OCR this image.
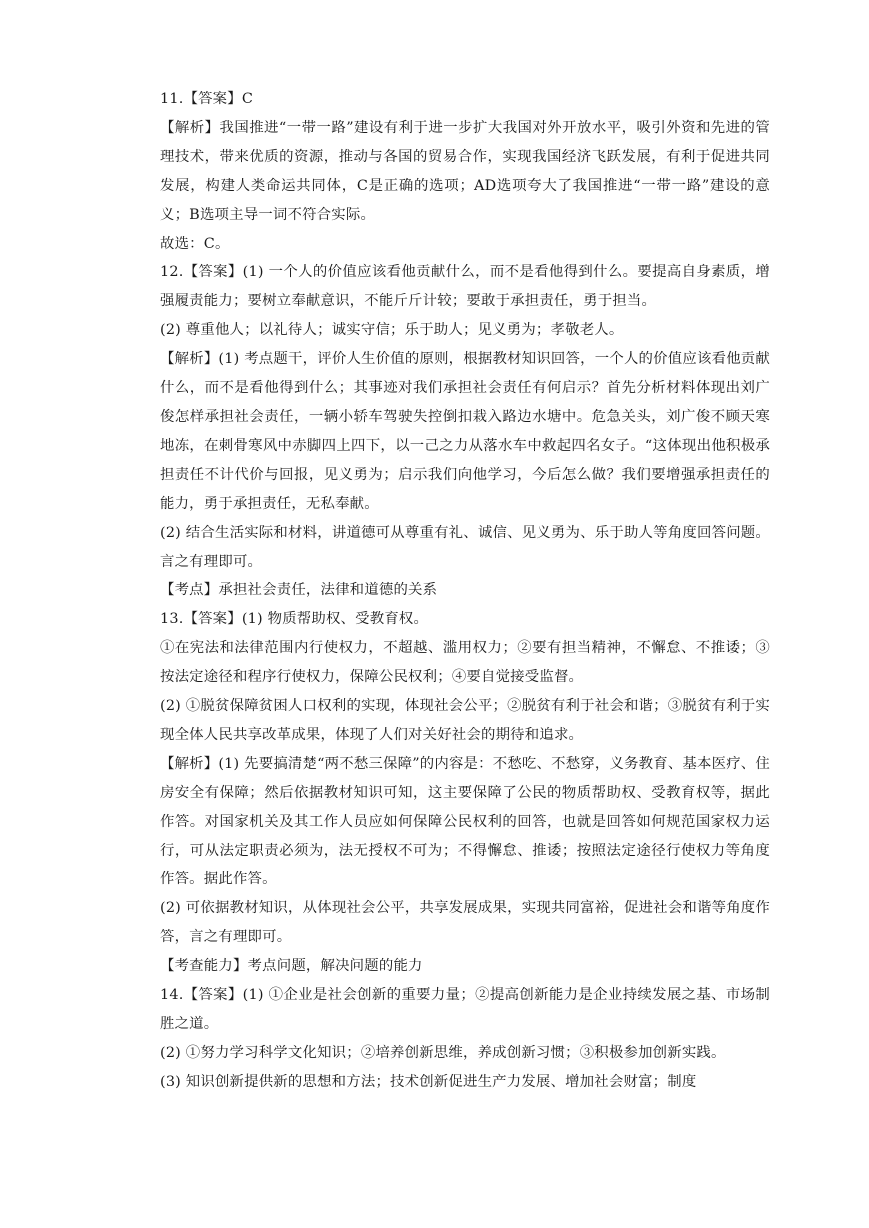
11.【答案】C

【解析】我国推进“一带一路”建设有利于进一步扩大我国对外开放水平，吸引外资和先进的管理技术，带来优质的资源，推动与各国的贸易合作，实现我国经济飞跃发展，有利于促进共同发展，构建人类命运共同体，C是正确的选项；AD选项夸大了我国推进“一带一路”建设的意义；B选项主导一词不符合实际。

故选：C。

12.【答案】(1) 一个人的价值应该看他贡献什么，而不是看他得到什么。要提高自身素质，增强履责能力；要树立奉献意识，不能斤斤计较；要敢于承担责任，勇于担当。

(2) 尊重他人；以礼待人；诚实守信；乐于助人；见义勇为；孝敬老人。

【解析】(1) 考点题干，评价人生价值的原则，根据教材知识回答，一个人的价值应该看他贡献什么，而不是看他得到什么；其事迹对我们承担社会责任有何启示？首先分析材料体现出刘广俊怎样承担社会责任，一辆小轿车驾驶失控倒扣栽入路边水塘中。危急关头，刘广俊不顾天寒地冻，在刺骨寒风中赤脚四上四下，以一己之力从落水车中救起四名女子。“这体现出他积极承担责任不计代价与回报，见义勇为；启示我们向他学习，今后怎么做？我们要增强承担责任的能力，勇于承担责任，无私奉献。

(2) 结合生活实际和材料，讲道德可从尊重有礼、诚信、见义勇为、乐于助人等角度回答问题。言之有理即可。

【考点】承担社会责任，法律和道德的关系

13.【答案】(1) 物质帮助权、受教育权。

①在宪法和法律范围内行使权力，不超越、滥用权力；②要有担当精神，不懈怠、不推诿；③按法定途径和程序行使权力，保障公民权利；④要自觉接受监督。

(2) ①脱贫保障贫困人口权利的实现，体现社会公平；②脱贫有利于社会和谐；③脱贫有利于实现全体人民共享改革成果，体现了人们对关好社会的期待和追求。

【解析】(1) 先要搞清楚“两不愁三保障”的内容是：不愁吃、不愁穿，义务教育、基本医疗、住房安全有保障；然后依据教材知识可知，这主要保障了公民的物质帮助权、受教育权等，据此作答。对国家机关及其工作人员应如何保障公民权利的回答，也就是回答如何规范国家权力运行，可从法定职责必须为，法无授权不可为；不得懈怠、推诿；按照法定途径行使权力等角度作答。据此作答。

(2) 可依据教材知识，从体现社会公平，共享发展成果，实现共同富裕，促进社会和谐等角度作答，言之有理即可。

【考查能力】考点问题，解决问题的能力

14.【答案】(1) ①企业是社会创新的重要力量；②提高创新能力是企业持续发展之基、市场制胜之道。

(2) ①努力学习科学文化知识；②培养创新思维，养成创新习惯；③积极参加创新实践。

(3) 知识创新提供新的思想和方法；技术创新促进生产力发展、增加社会财富；制度
